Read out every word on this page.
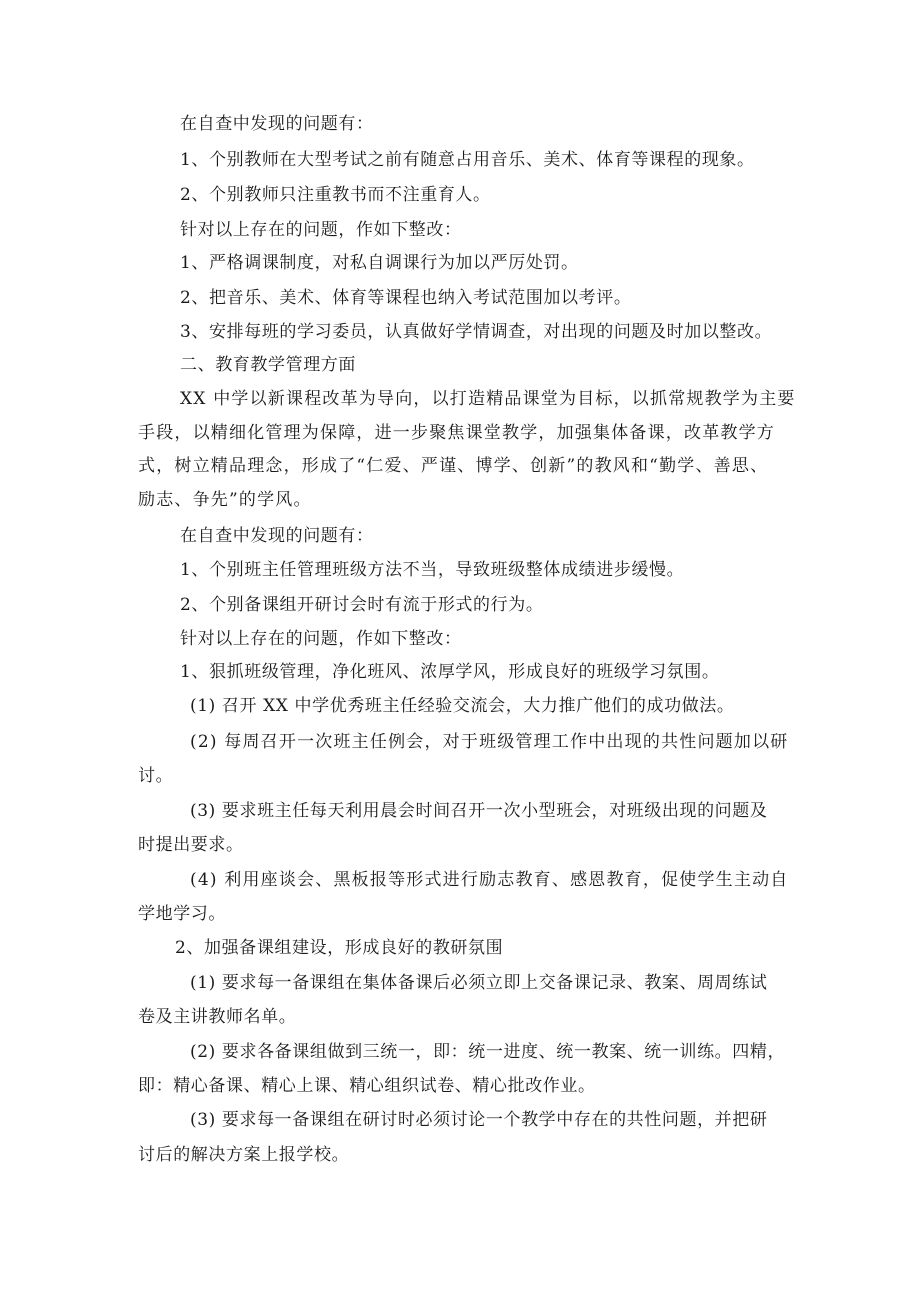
在自查中发现的问题有：
1、个别教师在大型考试之前有随意占用音乐、美术、体育等课程的现象。
2、个别教师只注重教书而不注重育人。
针对以上存在的问题，作如下整改：
1、严格调课制度，对私自调课行为加以严厉处罚。
2、把音乐、美术、体育等课程也纳入考试范围加以考评。
3、安排每班的学习委员，认真做好学情调查，对出现的问题及时加以整改。
二、教育教学管理方面
XX 中学以新课程改革为导向，以打造精品课堂为目标，以抓常规教学为主要
手段，以精细化管理为保障，进一步聚焦课堂教学，加强集体备课，改革教学方
式，树立精品理念，形成了“仁爱、严谨、博学、创新”的教风和“勤学、善思、
励志、争先”的学风。
在自查中发现的问题有：
1、个别班主任管理班级方法不当，导致班级整体成绩进步缓慢。
2、个别备课组开研讨会时有流于形式的行为。
针对以上存在的问题，作如下整改：
1、狠抓班级管理，净化班风、浓厚学风，形成良好的班级学习氛围。
(1) 召开 XX 中学优秀班主任经验交流会，大力推广他们的成功做法。
(2) 每周召开一次班主任例会，对于班级管理工作中出现的共性问题加以研
讨。
(3) 要求班主任每天利用晨会时间召开一次小型班会，对班级出现的问题及
时提出要求。
(4) 利用座谈会、黑板报等形式进行励志教育、感恩教育，促使学生主动自
学地学习。
2、加强备课组建设，形成良好的教研氛围
(1) 要求每一备课组在集体备课后必须立即上交备课记录、教案、周周练试
卷及主讲教师名单。
(2) 要求各备课组做到三统一，即：统一进度、统一教案、统一训练。四精，
即：精心备课、精心上课、精心组织试卷、精心批改作业。
(3) 要求每一备课组在研讨时必须讨论一个教学中存在的共性问题，并把研
讨后的解决方案上报学校。
